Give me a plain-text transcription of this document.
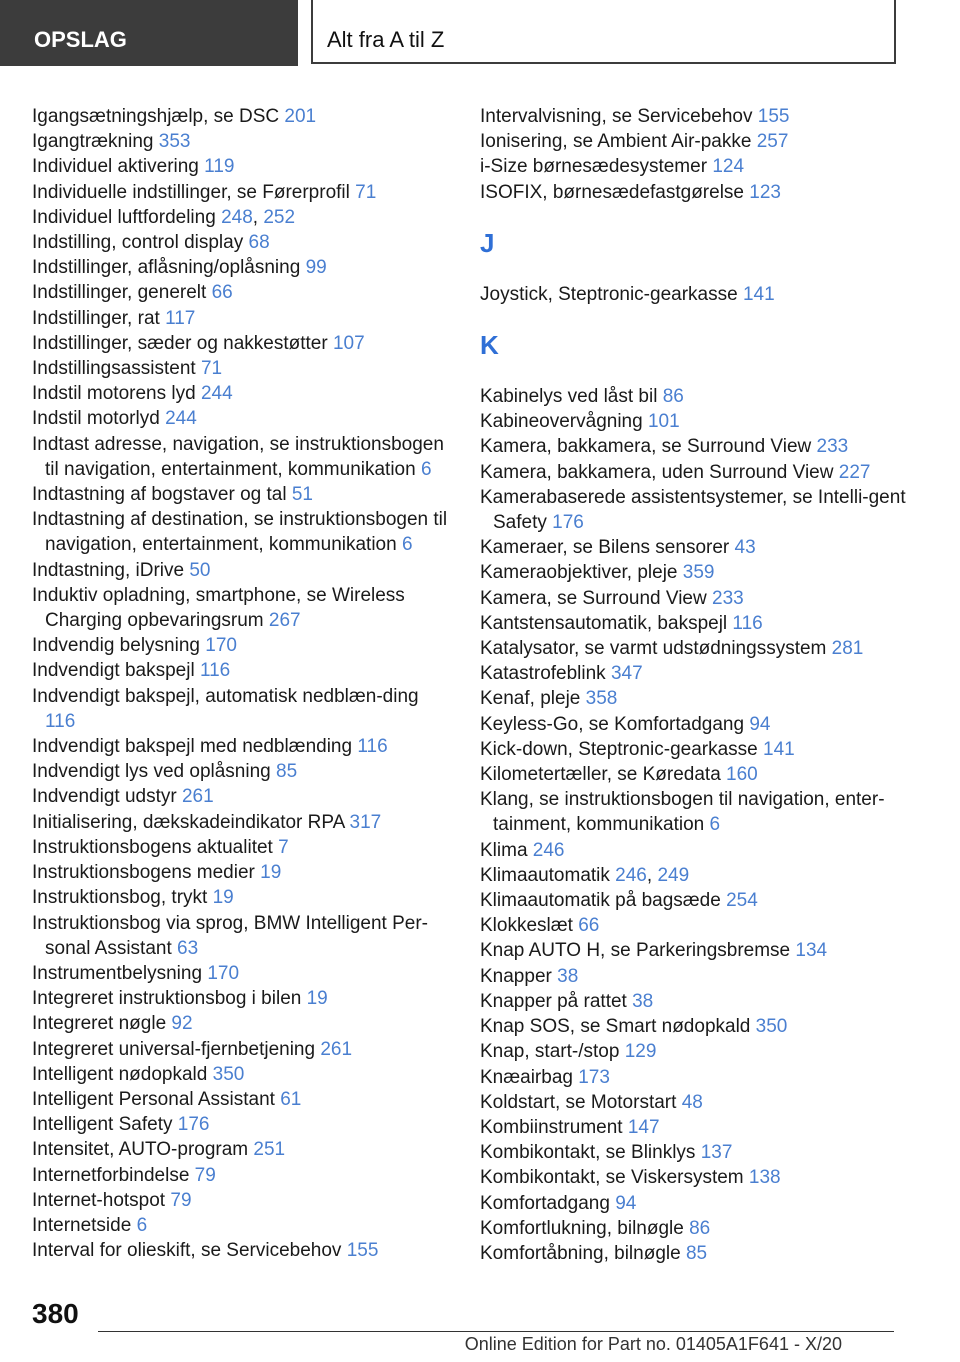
OPSLAG	Alt fra A til Z
Igangsætningshjælp, se DSC 201
Igangtrækning 353
Individuel aktivering 119
Individuelle indstillinger, se Førerprofil 71
Individuel luftfordeling 248, 252
Indstilling, control display 68
Indstillinger, aflåsning/oplåsning 99
Indstillinger, generelt 66
Indstillinger, rat 117
Indstillinger, sæder og nakkestøtter 107
Indstillingsassistent 71
Indstil motorens lyd 244
Indstil motorlyd 244
Indtast adresse, navigation, se instruktionsbogen til navigation, entertainment, kommunikation 6
Indtastning af bogstaver og tal 51
Indtastning af destination, se instruktionsbogen til navigation, entertainment, kommunikation 6
Indtastning, iDrive 50
Induktiv opladning, smartphone, se Wireless Charging opbevaringsrum 267
Indvendig belysning 170
Indvendigt bakspejl 116
Indvendigt bakspejl, automatisk nedblæn-ding 116
Indvendigt bakspejl med nedblænding 116
Indvendigt lys ved oplåsning 85
Indvendigt udstyr 261
Initialisering, dækskadeindikator RPA 317
Instruktionsbogens aktualitet 7
Instruktionsbogens medier 19
Instruktionsbog, trykt 19
Instruktionsbog via sprog, BMW Intelligent Per-sonal Assistant 63
Instrumentbelysning 170
Integreret instruktionsbog i bilen 19
Integreret nøgle 92
Integreret universal-fjernbetjening 261
Intelligent nødopkald 350
Intelligent Personal Assistant 61
Intelligent Safety 176
Intensitet, AUTO-program 251
Internetforbindelse 79
Internet-hotspot 79
Internetside 6
Interval for olieskift, se Servicebehov 155
Intervalvisning, se Servicebehov 155
Ionisering, se Ambient Air-pakke 257
i-Size børnesædesystemer 124
ISOFIX, børnesædefastgørelse 123
J
Joystick, Steptronic-gearkasse 141
K
Kabinelys ved låst bil 86
Kabineovervågning 101
Kamera, bakkamera, se Surround View 233
Kamera, bakkamera, uden Surround View 227
Kamerabaserede assistentsystemer, se Intelli-gent Safety 176
Kameraer, se Bilens sensorer 43
Kameraobjektiver, pleje 359
Kamera, se Surround View 233
Kantstensautomatik, bakspejl 116
Katalysator, se varmt udstødningssystem 281
Katastrofeblink 347
Kenaf, pleje 358
Keyless-Go, se Komfortadgang 94
Kick-down, Steptronic-gearkasse 141
Kilometertæller, se Køredata 160
Klang, se instruktionsbogen til navigation, enter-tainment, kommunikation 6
Klima 246
Klimaautomatik 246, 249
Klimaautomatik på bagsæde 254
Klokkeslæt 66
Knap AUTO H, se Parkeringsbremse 134
Knapper 38
Knapper på rattet 38
Knap SOS, se Smart nødopkald 350
Knap, start-/stop 129
Knæairbag 173
Koldstart, se Motorstart 48
Kombiinstrument 147
Kombikontakt, se Blinklys 137
Kombikontakt, se Viskersystem 138
Komfortadgang 94
Komfortlukning, bilnøgle 86
Komfortåbning, bilnøgle 85
380
Online Edition for Part no. 01405A1F641 - X/20
